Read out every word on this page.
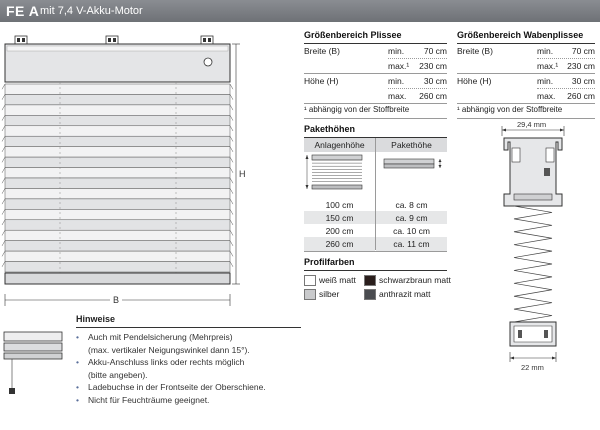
FE A mit 7,4 V-Akku-Motor
H
B
Größenbereich Plissee
Breite (B)	min. 70 cm
max.¹ 230 cm
Höhe (H)	min. 30 cm
max. 260 cm
¹ abhängig von der Stoffbreite
Größenbereich Wabenplissee
Breite (B)	min. 70 cm
max.¹ 230 cm
Höhe (H)	min. 30 cm
max. 260 cm
¹ abhängig von der Stoffbreite
Pakethöhen
Anlagenhöhe	Pakethöhe
100 cm	ca. 8 cm
150 cm	ca. 9 cm
200 cm	ca. 10 cm
260 cm	ca. 11 cm
Profilfarben
weiß matt	schwarzbraun matt
silber	anthrazit matt
Hinweise
• Auch mit Pendelsicherung (Mehrpreis)
(max. vertikaler Neigungswinkel dann 15°).
• Akku-Anschluss links oder rechts möglich
(bitte angeben).
• Ladebuchse in der Frontseite der Oberschiene.
• Nicht für Feuchträume geeignet.
29,4 mm
22 mm
